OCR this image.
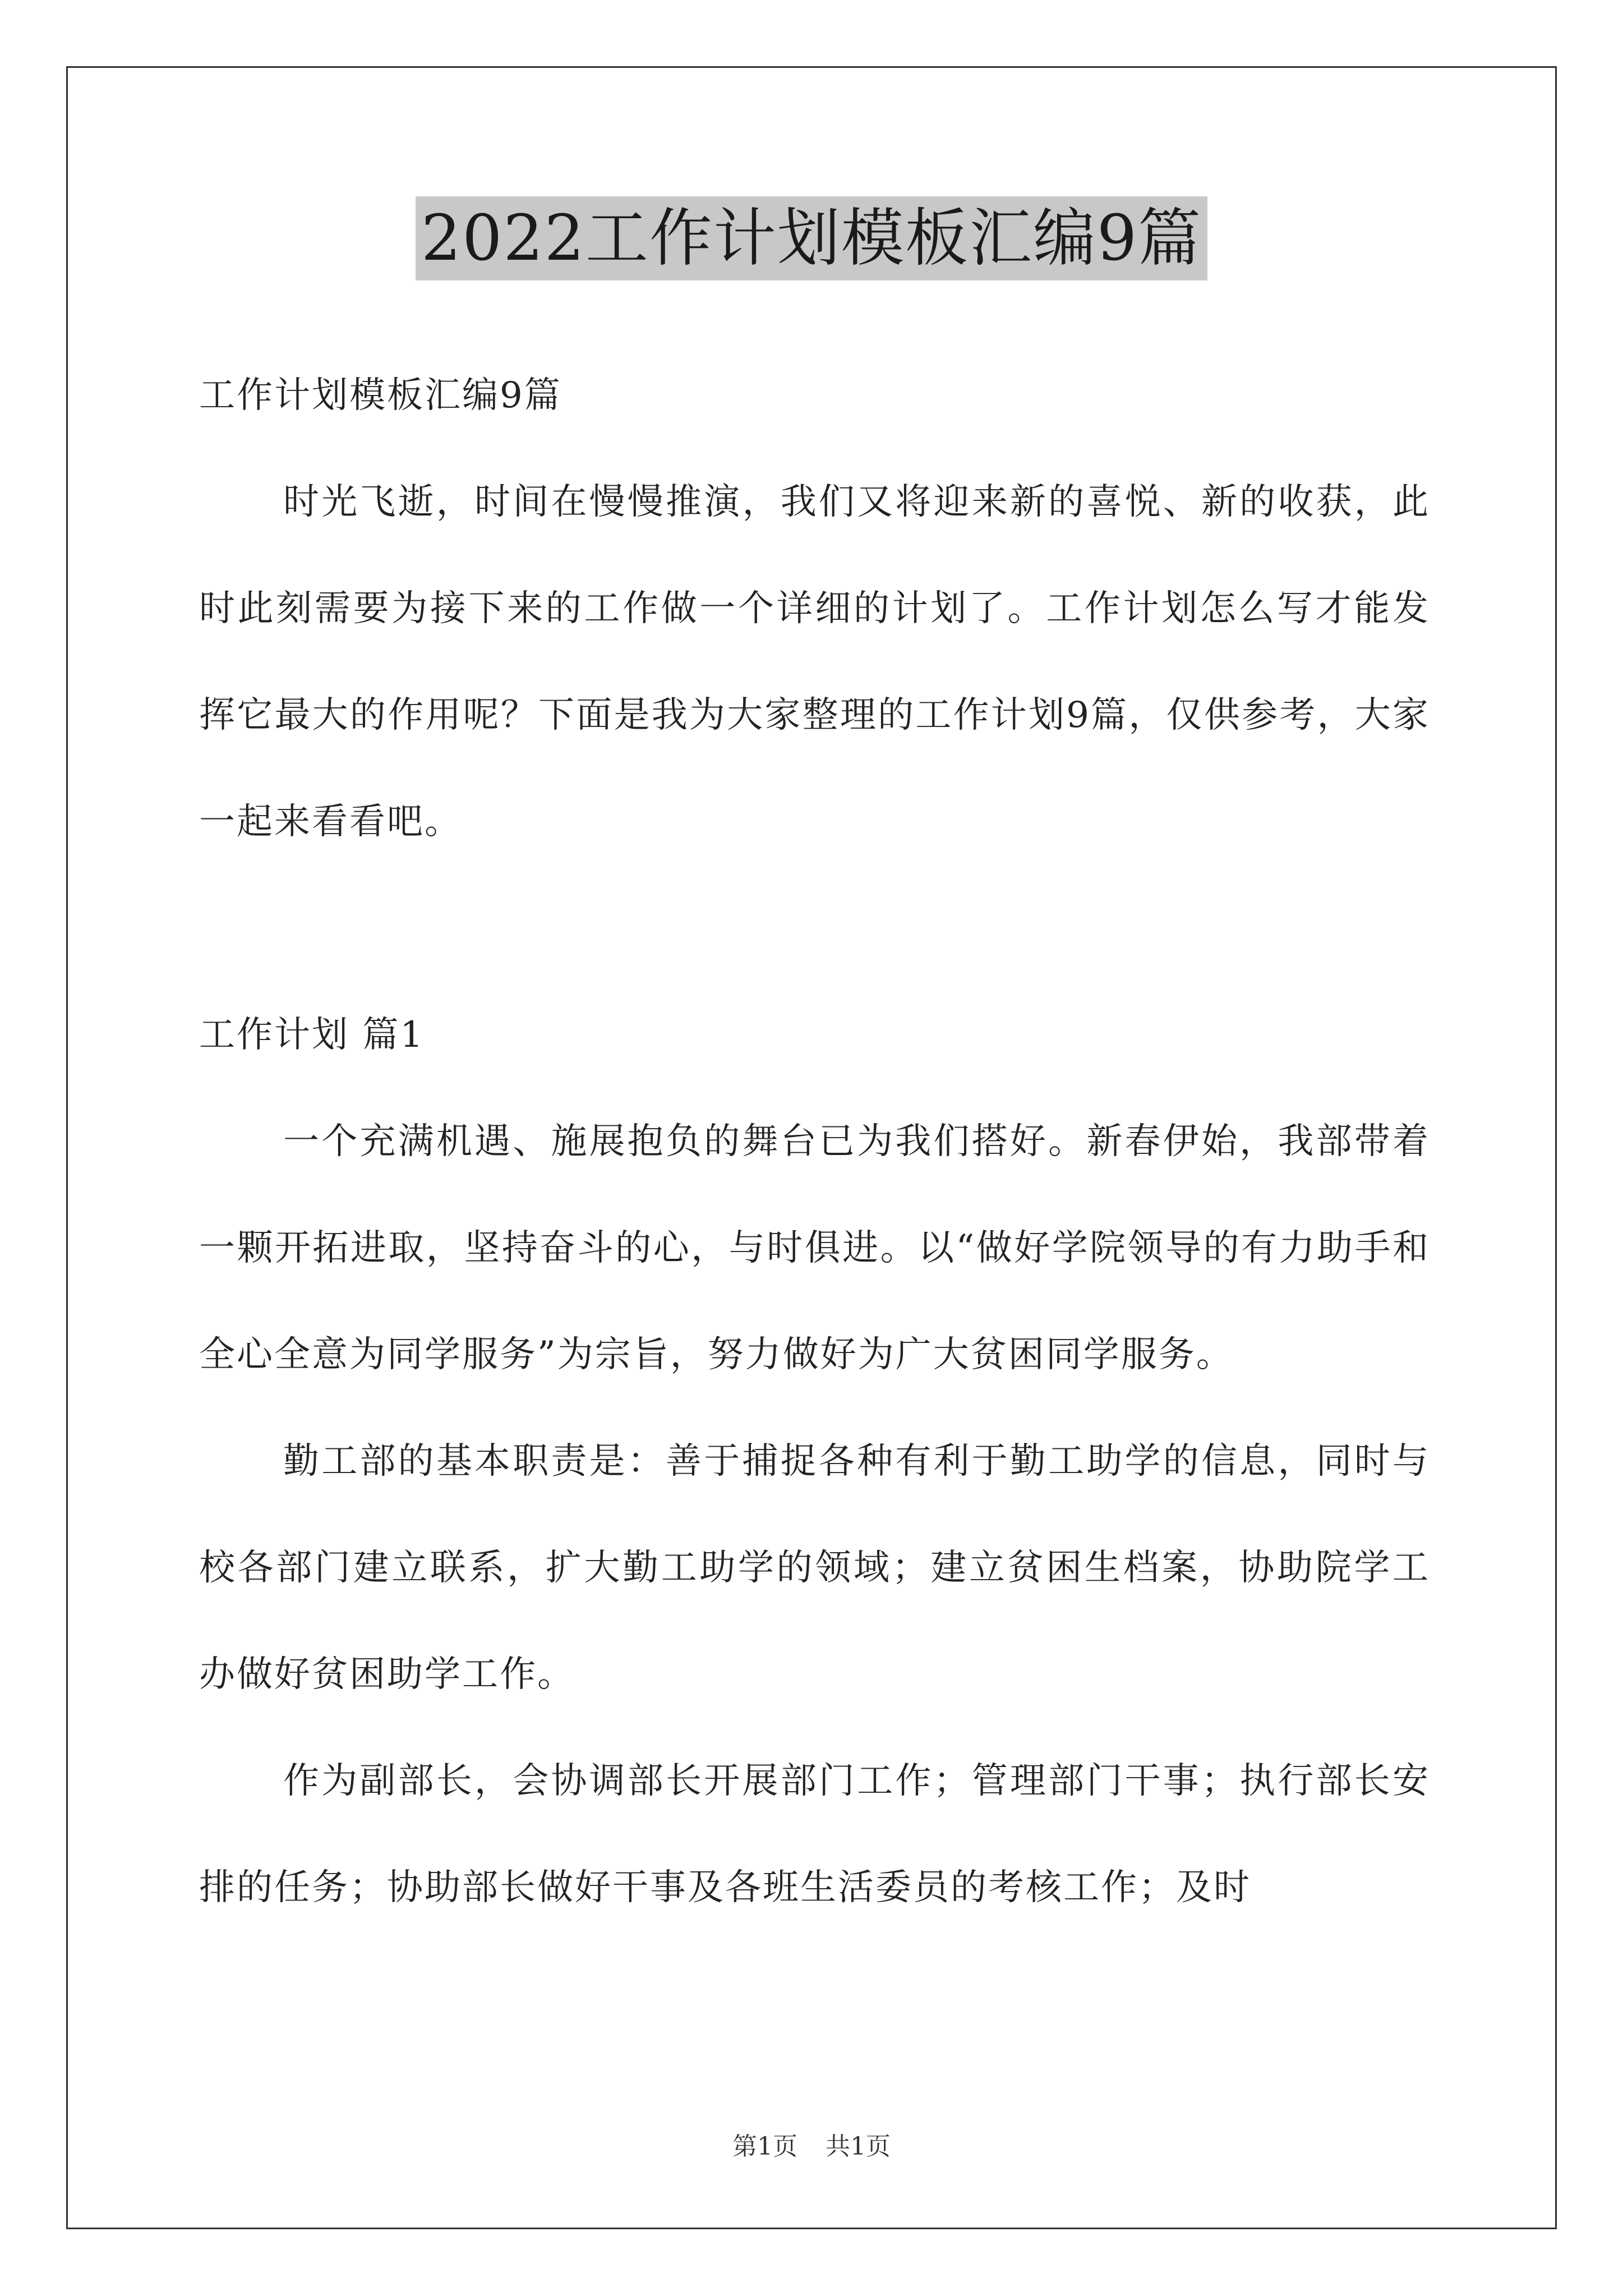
2022工作计划模板汇编9篇

工作计划模板汇编9篇

时光飞逝，时间在慢慢推演，我们又将迎来新的喜悦、新的收获，此时此刻需要为接下来的工作做一个详细的计划了。工作计划怎么写才能发挥它最大的作用呢？下面是我为大家整理的工作计划9篇，仅供参考，大家一起来看看吧。

工作计划 篇1

一个充满机遇、施展抱负的舞台已为我们搭好。新春伊始，我部带着一颗开拓进取，坚持奋斗的心，与时俱进。以“做好学院领导的有力助手和全心全意为同学服务”为宗旨，努力做好为广大贫困同学服务。

勤工部的基本职责是：善于捕捉各种有利于勤工助学的信息，同时与校各部门建立联系，扩大勤工助学的领域；建立贫困生档案，协助院学工办做好贫困助学工作。

作为副部长，会协调部长开展部门工作；管理部门干事；执行部长安排的任务；协助部长做好干事及各班生活委员的考核工作；及时

第1页 共1页
